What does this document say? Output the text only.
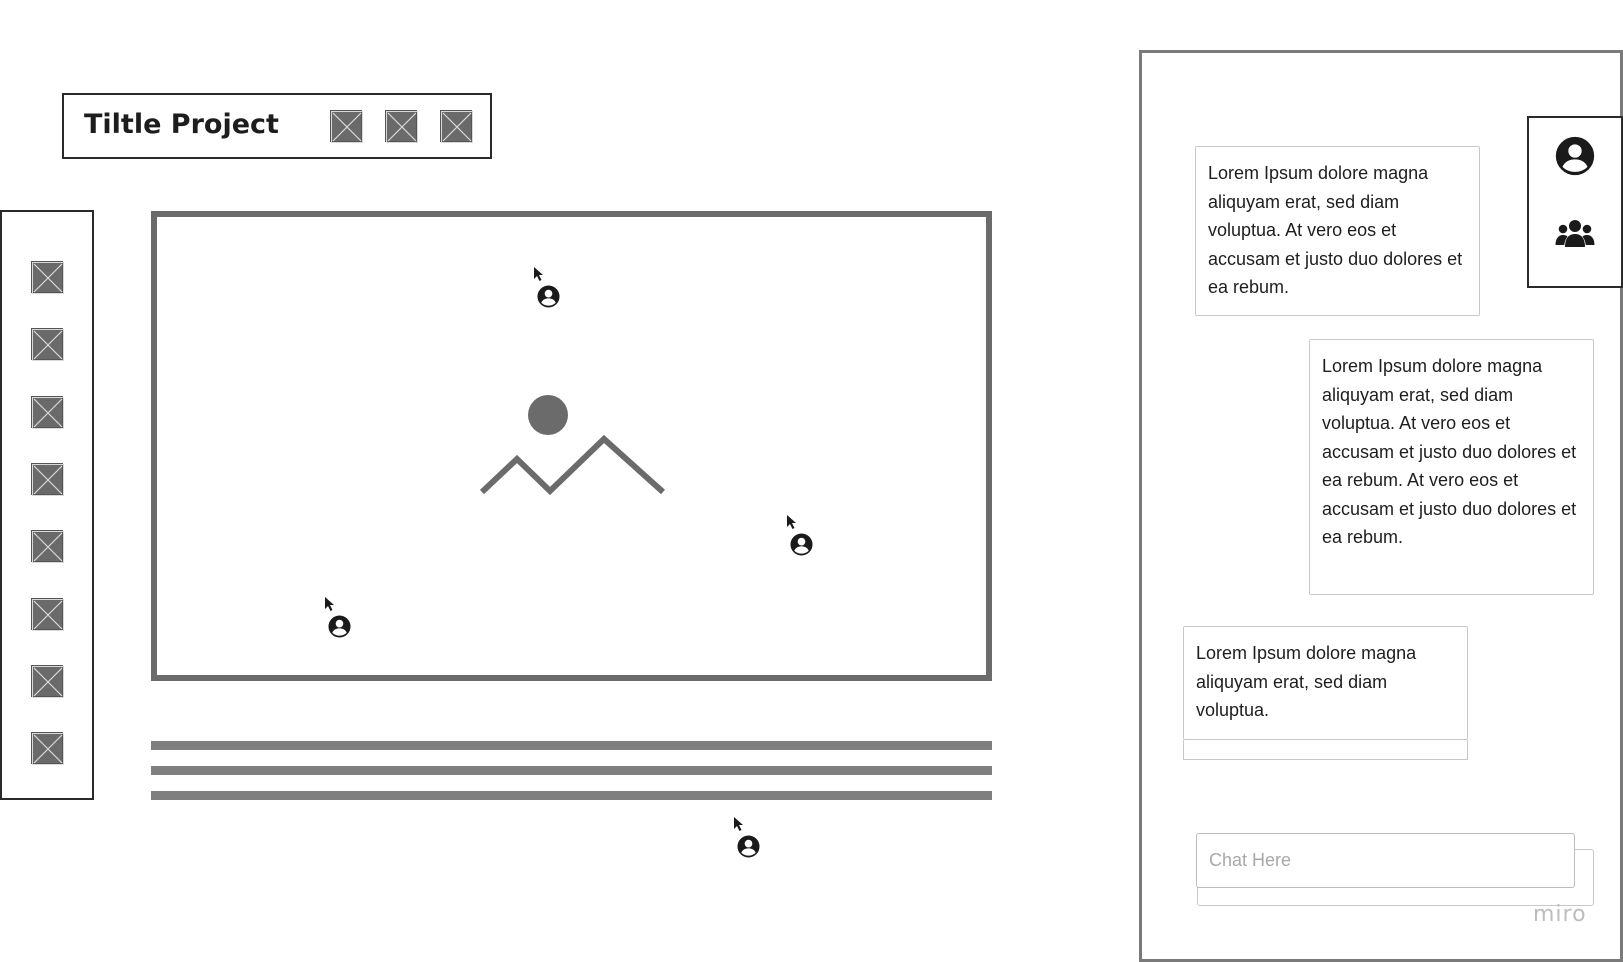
Tiltle Project
Lorem Ipsum dolore magna aliquyam erat, sed diam voluptua. At vero eos et accusam et justo duo dolores et ea rebum.
Lorem Ipsum dolore magna aliquyam erat, sed diam voluptua. At vero eos et accusam et justo duo dolores et ea rebum. At vero eos et accusam et justo duo dolores et ea rebum.
Lorem Ipsum dolore magna aliquyam erat, sed diam voluptua.
Chat Here
miro
